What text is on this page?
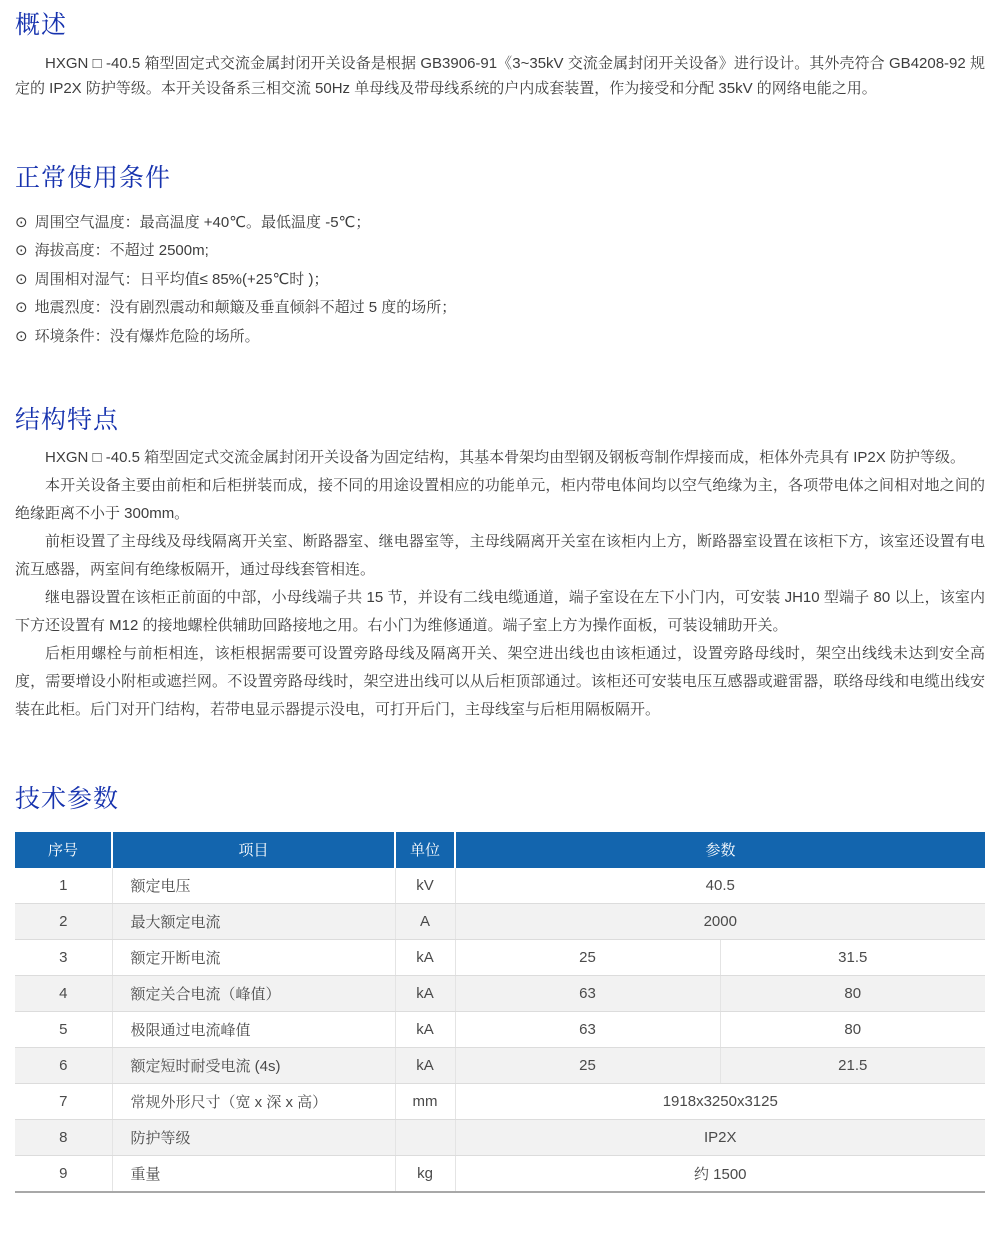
概述

HXGN □ -40.5 箱型固定式交流金属封闭开关设备是根据 GB3906-91《3~35kV 交流金属封闭开关设备》进行设计。其外壳符合 GB4208-92 规定的 IP2X 防护等级。本开关设备系三相交流 50Hz 单母线及带母线系统的户内成套装置，作为接受和分配 35kV 的网络电能之用。

正常使用条件
⊙ 周围空气温度：最高温度 +40℃。最低温度 -5℃；
⊙ 海拔高度：不超过 2500m;
⊙ 周围相对湿气：日平均值≤ 85%(+25℃时 )；
⊙ 地震烈度：没有剧烈震动和颠簸及垂直倾斜不超过 5 度的场所；
⊙ 环境条件：没有爆炸危险的场所。
结构特点

HXGN □ -40.5 箱型固定式交流金属封闭开关设备为固定结构，其基本骨架均由型钢及钢板弯制作焊接而成，柜体外壳具有 IP2X 防护等级。

本开关设备主要由前柜和后柜拼装而成，接不同的用途设置相应的功能单元，柜内带电体间均以空气绝缘为主，各项带电体之间相对地之间的绝缘距离不小于 300mm。

前柜设置了主母线及母线隔离开关室、断路器室、继电器室等，主母线隔离开关室在该柜内上方，断路器室设置在该柜下方，该室还设置有电流互感器，两室间有绝缘板隔开，通过母线套管相连。

继电器设置在该柜正前面的中部，小母线端子共 15 节，并设有二线电缆通道，端子室设在左下小门内，可安装 JH10 型端子 80 以上，该室内下方还设置有 M12 的接地螺栓供辅助回路接地之用。右小门为维修通道。端子室上方为操作面板，可装设辅助开关。

后柜用螺栓与前柜相连，该柜根据需要可设置旁路母线及隔离开关、架空进出线也由该柜通过，设置旁路母线时，架空出线线未达到安全高度，需要增设小附柜或遮拦网。不设置旁路母线时，架空进出线可以从后柜顶部通过。该柜还可安装电压互感器或避雷器，联络母线和电缆出线安装在此柜。后门对开门结构，若带电显示器提示没电，可打开后门，主母线室与后柜用隔板隔开。

技术参数
序号	项目	单位	参数	
1	额定电压	kV	40.5	
2	最大额定电流	A	2000	
3	额定开断电流	kA	25	31.5
4	额定关合电流（峰值）	kA	63	80
5	极限通过电流峰值	kA	63	80
6	额定短时耐受电流 (4s)	kA	25	21.5
7	常规外形尺寸（宽 x 深 x 高）	mm	1918x3250x3125	
8	防护等级		IP2X	
9	重量	kg	约 1500	
